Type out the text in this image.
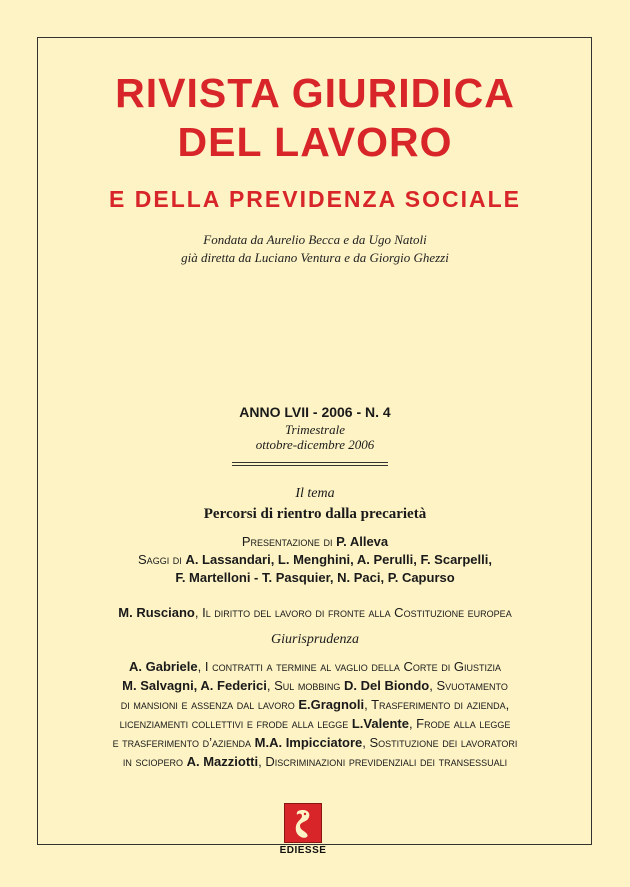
RIVISTA GIURIDICA
DEL LAVORO
E DELLA PREVIDENZA SOCIALE
Fondata da Aurelio Becca e da Ugo Natoli
già diretta da Luciano Ventura e da Giorgio Ghezzi
ANNO LVII - 2006 - N. 4
Trimestrale
ottobre-dicembre 2006
Il tema
Percorsi di rientro dalla precarietà
Presentazione di P. Alleva
Saggi di A. Lassandari, L. Menghini, A. Perulli, F. Scarpelli,
F. Martelloni - T. Pasquier, N. Paci, P. Capurso
M. Rusciano, Il diritto del lavoro di fronte alla Costituzione europea
Giurisprudenza
A. Gabriele, I contratti a termine al vaglio della Corte di Giustizia
M. Salvagni, A. Federici, Sul mobbing D. Del Biondo, Svuotamento
di mansioni e assenza dal lavoro E.Gragnoli, Trasferimento di azienda,
licenziamenti collettivi e frode alla legge L.Valente, Frode alla legge
e trasferimento d’azienda M.A. Impicciatore, Sostituzione dei lavoratori
in sciopero A. Mazziotti, Discriminazioni previdenziali dei transessuali
EDIESSE
